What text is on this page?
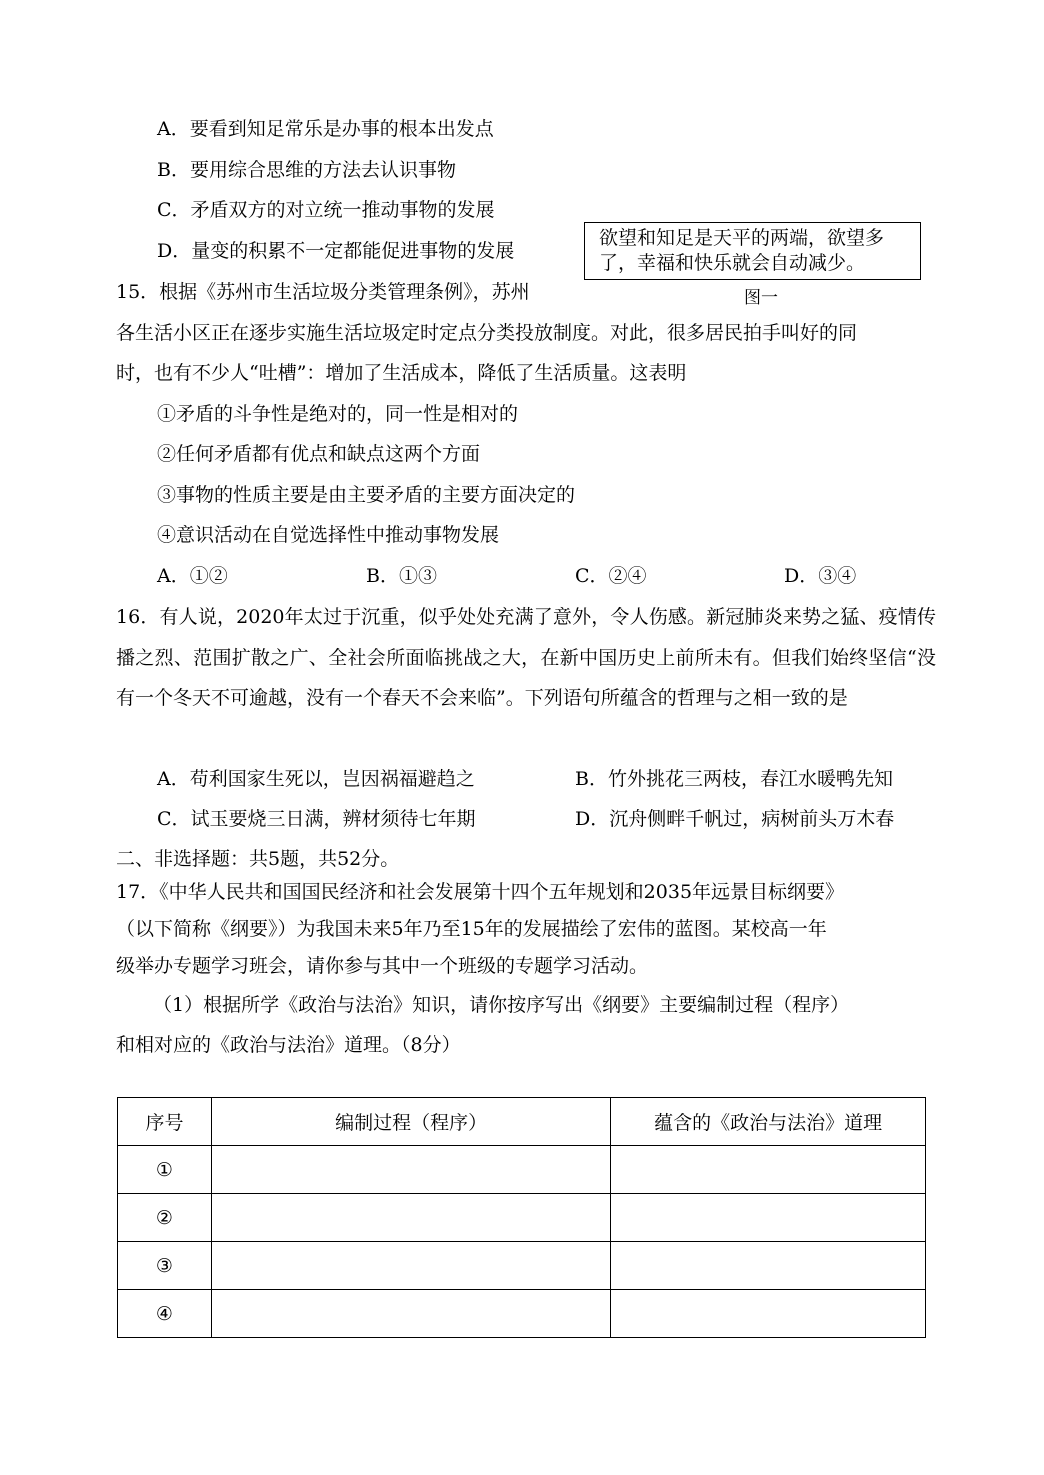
A．要看到知足常乐是办事的根本出发点
B．要用综合思维的方法去认识事物
C．矛盾双方的对立统一推动事物的发展
D．量变的积累不一定都能促进事物的发展
欲望和知足是天平的两端，欲望多了，幸福和快乐就会自动减少。
图一
15．根据《苏州市生活垃圾分类管理条例》，苏州
各生活小区正在逐步实施生活垃圾定时定点分类投放制度。对此，很多居民拍手叫好的同
时，也有不少人“吐槽”：增加了生活成本，降低了生活质量。这表明
①矛盾的斗争性是绝对的，同一性是相对的
②任何矛盾都有优点和缺点这两个方面
③事物的性质主要是由主要矛盾的主要方面决定的
④意识活动在自觉选择性中推动事物发展
A．①②	B．①③	C．②④	D．③④
16．有人说，2020年太过于沉重，似乎处处充满了意外，令人伤感。新冠肺炎来势之猛、疫情传播之烈、范围扩散之广、全社会所面临挑战之大，在新中国历史上前所未有。但我们始终坚信“没有一个冬天不可逾越，没有一个春天不会来临”。下列语句所蕴含的哲理与之相一致的是
A．苟利国家生死以，岂因祸福避趋之	B．竹外挑花三两枝，春江水暖鸭先知
C．试玉要烧三日满，辨材须待七年期	D．沉舟侧畔千帆过，病树前头万木春
二、非选择题：共5题，共52分。
17．《中华人民共和国国民经济和社会发展第十四个五年规划和2035年远景目标纲要》
（以下简称《纲要》）为我国未来5年乃至15年的发展描绘了宏伟的蓝图。某校高一年
级举办专题学习班会，请你参与其中一个班级的专题学习活动。
（1）根据所学《政治与法治》知识，请你按序写出《纲要》主要编制过程（程序）
和相对应的《政治与法治》道理。（8分）
序号	编制过程（程序）	蕴含的《政治与法治》道理
①		
②		
③		
④		
